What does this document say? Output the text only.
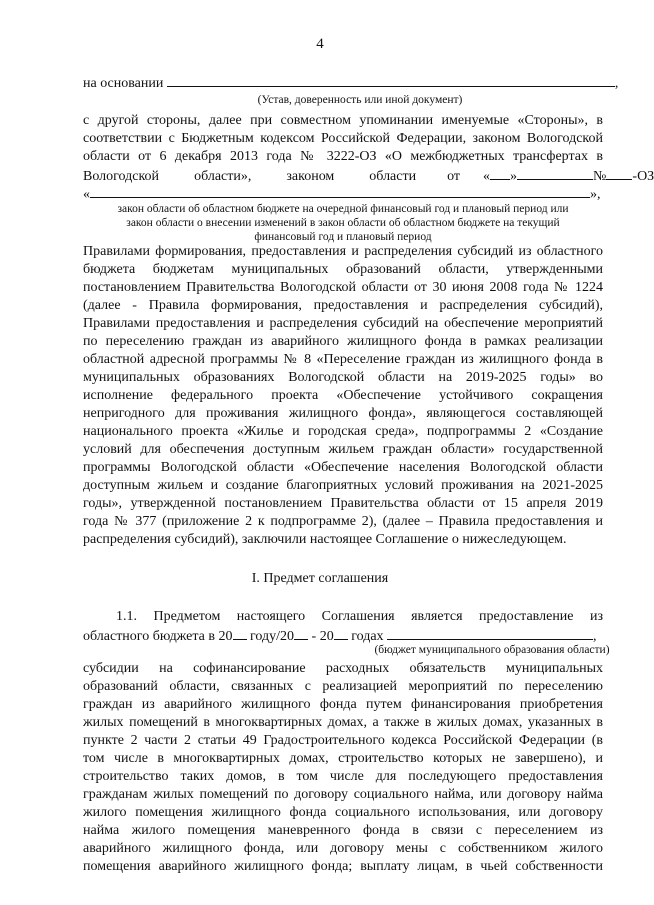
4
на основании	,
(Устав, доверенность или иной документ)
с другой стороны, далее при совместном упоминании именуемые «Стороны», в
соответствии с Бюджетным кодексом Российской Федерации, законом Вологодской
области от 6 декабря 2013 года № 3222-ОЗ «О межбюджетных трансфертах в
Вологодской	области»,	законом	области от « »	№ -ОЗ
«	»,
закон области об областном бюджете на очередной финансовый год и плановый период или
закон области о внесении изменений в закон области об областном бюджете на текущий
финансовый год и плановый период
Правилами формирования, предоставления и распределения субсидий из областного
бюджета бюджетам муниципальных образований области, утвержденными
постановлением Правительства Вологодской области от 30 июня 2008 года № 1224
(далее - Правила формирования, предоставления и распределения субсидий),
Правилами предоставления и распределения субсидий на обеспечение мероприятий
по переселению граждан из аварийного жилищного фонда в рамках реализации
областной адресной программы № 8 «Переселение граждан из жилищного фонда в
муниципальных образованиях Вологодской области на 2019-2025 годы» во
исполнение федерального проекта «Обеспечение устойчивого сокращения
непригодного для проживания жилищного фонда», являющегося составляющей
национального проекта «Жилье и городская среда», подпрограммы 2 «Создание
условий для обеспечения доступным жильем граждан области» государственной
программы Вологодской области «Обеспечение населения Вологодской области
доступным жильем и создание благоприятных условий проживания на 2021-2025
годы», утвержденной постановлением Правительства области от 15 апреля 2019
года № 377 (приложение 2 к подпрограмме 2), (далее – Правила предоставления и
распределения субсидий), заключили настоящее Соглашение о нижеследующем.
I. Предмет соглашения
1.1. Предметом настоящего Соглашения является предоставление из
областного бюджета в 20 году/20 - 20 годах	,
(бюджет муниципального образования области)
субсидии на софинансирование расходных обязательств муниципальных
образований области, связанных с реализацией мероприятий по переселению
граждан из аварийного жилищного фонда путем финансирования приобретения
жилых помещений в многоквартирных домах, а также в жилых домах, указанных в
пункте 2 части 2 статьи 49 Градостроительного кодекса Российской Федерации (в
том числе в многоквартирных домах, строительство которых не завершено), и
строительство таких домов, в том числе для последующего предоставления
гражданам жилых помещений по договору социального найма, или договору найма
жилого помещения жилищного фонда социального использования, или договору
найма жилого помещения маневренного фонда в связи с переселением из
аварийного жилищного фонда, или договору мены с собственником жилого
помещения аварийного жилищного фонда; выплату лицам, в чьей собственности
